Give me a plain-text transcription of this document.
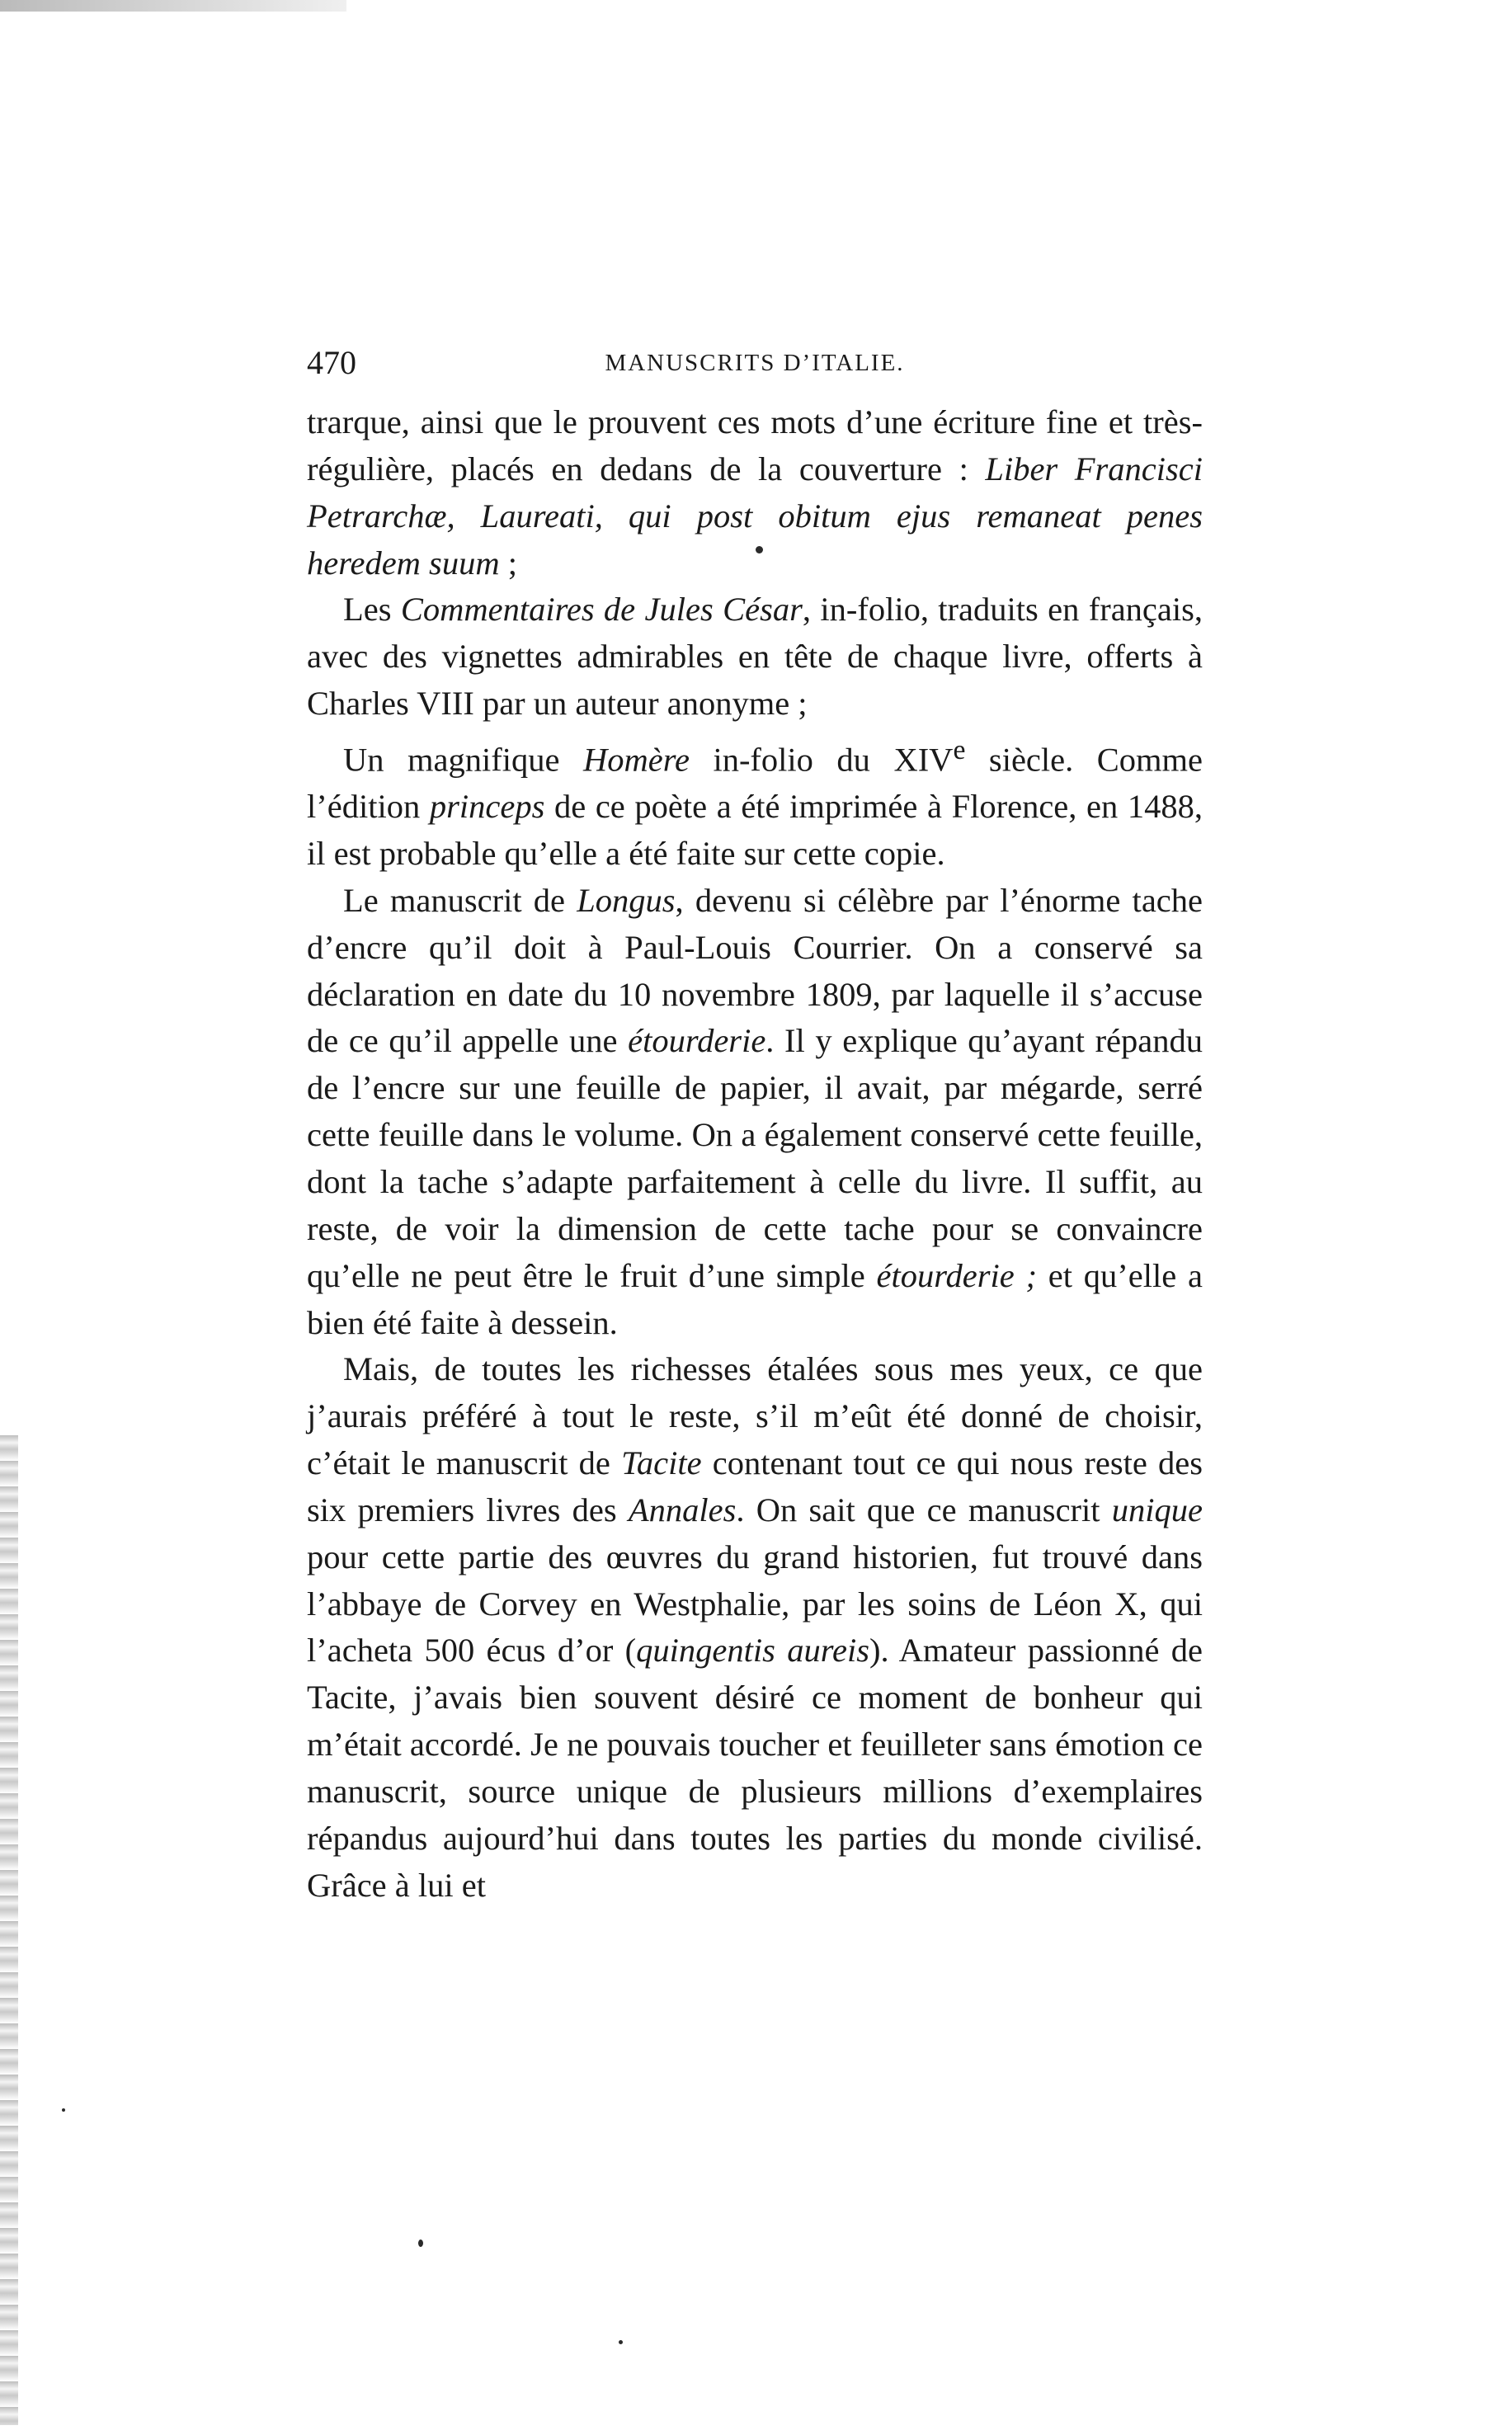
470	MANUSCRITS D’ITALIE.

trarque, ainsi que le prouvent ces mots d’une écriture fine et très-régulière, placés en dedans de la couverture : Liber Francisci Petrarchæ, Laureati, qui post obitum ejus remaneat penes heredem suum ;

Les Commentaires de Jules César, in-folio, traduits en français, avec des vignettes admirables en tête de chaque livre, offerts à Charles VIII par un auteur anonyme ;

Un magnifique Homère in-folio du XIVe siècle. Comme l’édition princeps de ce poète a été imprimée à Florence, en 1488, il est probable qu’elle a été faite sur cette copie.

Le manuscrit de Longus, devenu si célèbre par l’énorme tache d’encre qu’il doit à Paul-Louis Courrier. On a conservé sa déclaration en date du 10 novembre 1809, par laquelle il s’accuse de ce qu’il appelle une étourderie. Il y explique qu’ayant répandu de l’encre sur une feuille de papier, il avait, par mégarde, serré cette feuille dans le volume. On a également conservé cette feuille, dont la tache s’adapte parfaitement à celle du livre. Il suffit, au reste, de voir la dimension de cette tache pour se convaincre qu’elle ne peut être le fruit d’une simple étourderie ; et qu’elle a bien été faite à dessein.

Mais, de toutes les richesses étalées sous mes yeux, ce que j’aurais préféré à tout le reste, s’il m’eût été donné de choisir, c’était le manuscrit de Tacite contenant tout ce qui nous reste des six premiers livres des Annales. On sait que ce manuscrit unique pour cette partie des œuvres du grand historien, fut trouvé dans l’abbaye de Corvey en Westphalie, par les soins de Léon X, qui l’acheta 500 écus d’or (quingentis aureis). Amateur passionné de Tacite, j’avais bien souvent désiré ce moment de bonheur qui m’était accordé. Je ne pouvais toucher et feuilleter sans émotion ce manuscrit, source unique de plusieurs millions d’exemplaires répandus aujourd’hui dans toutes les parties du monde civilisé. Grâce à lui et
